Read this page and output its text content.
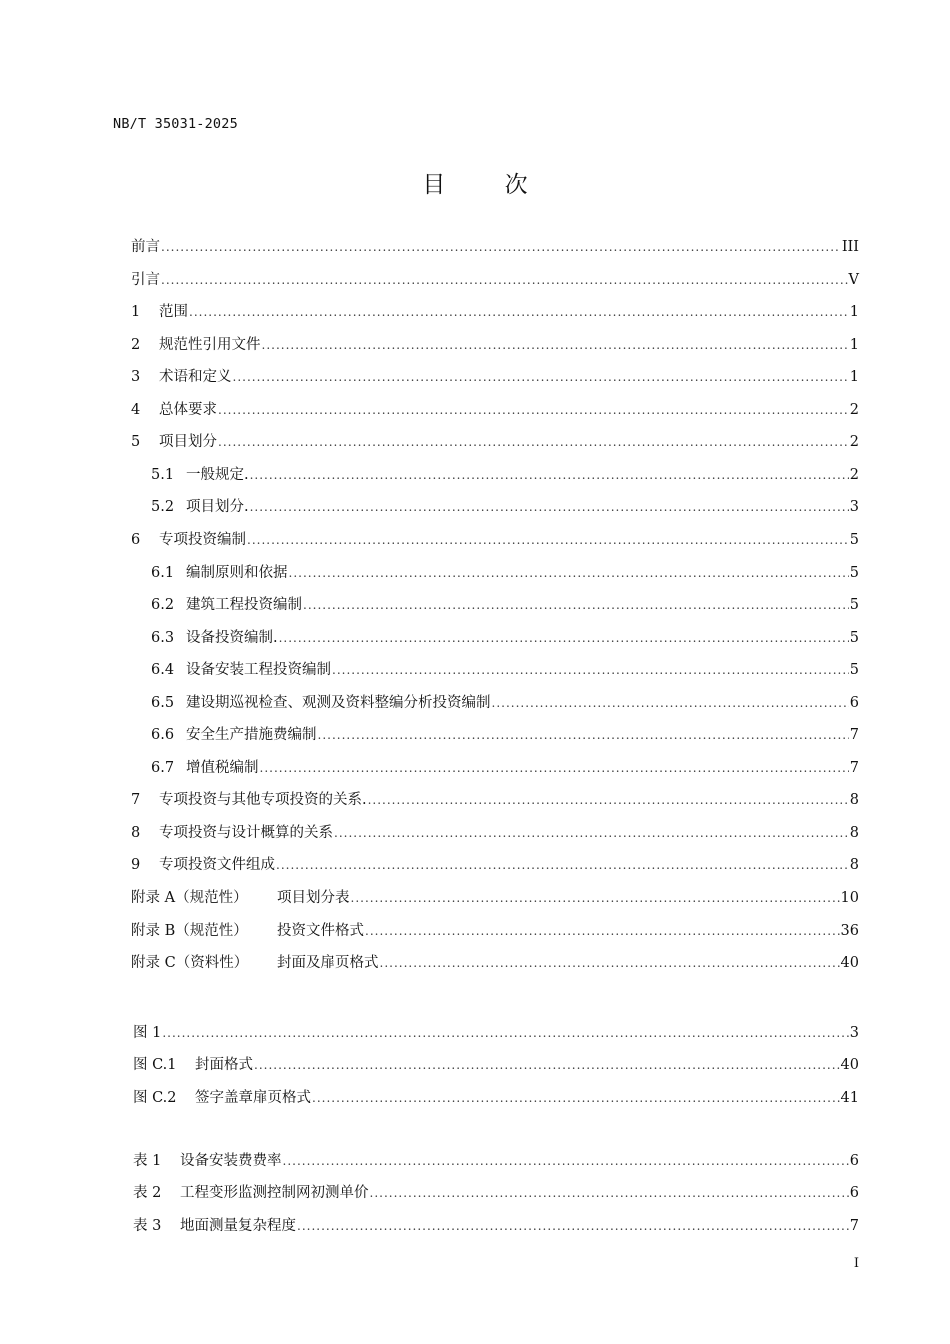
NB/T 35031-2025
目 次
前言 .....	III
引言 .....	V
1	范围 .....	1
2	规范性引用文件 .....	1
3	术语和定义 .....	1
4	总体要求 .....	2
5	项目划分 .....	2
5.1 一般规定. .....	2
5.2 项目划分. .....	3
6	专项投资编制 .....	5
6.1 编制原则和依据 .....	5
6.2 建筑工程投资编制 .....	5
6.3 设备投资编制. .....	5
6.4 设备安装工程投资编制 .....	5
6.5 建设期巡视检查、观测及资料整编分析投资编制 .....	6
6.6 安全生产措施费编制 .....	7
6.7 增值税编制 .....	7
7	专项投资与其他专项投资的关系. .....	8
8	专项投资与设计概算的关系 .....	8
9	专项投资文件组成 .....	8
附录 A（规范性）	项目划分表 .....	10
附录 B（规范性）	投资文件格式 .....	36
附录 C（资料性）	封面及扉页格式 .....	40
图 1 .....	3
图 C.1	封面格式 .....	40
图 C.2	签字盖章扉页格式 .....	41
表 1	设备安装费费率 .....	6
表 2	工程变形监测控制网初测单价 .....	6
表 3	地面测量复杂程度 .....	7
I
